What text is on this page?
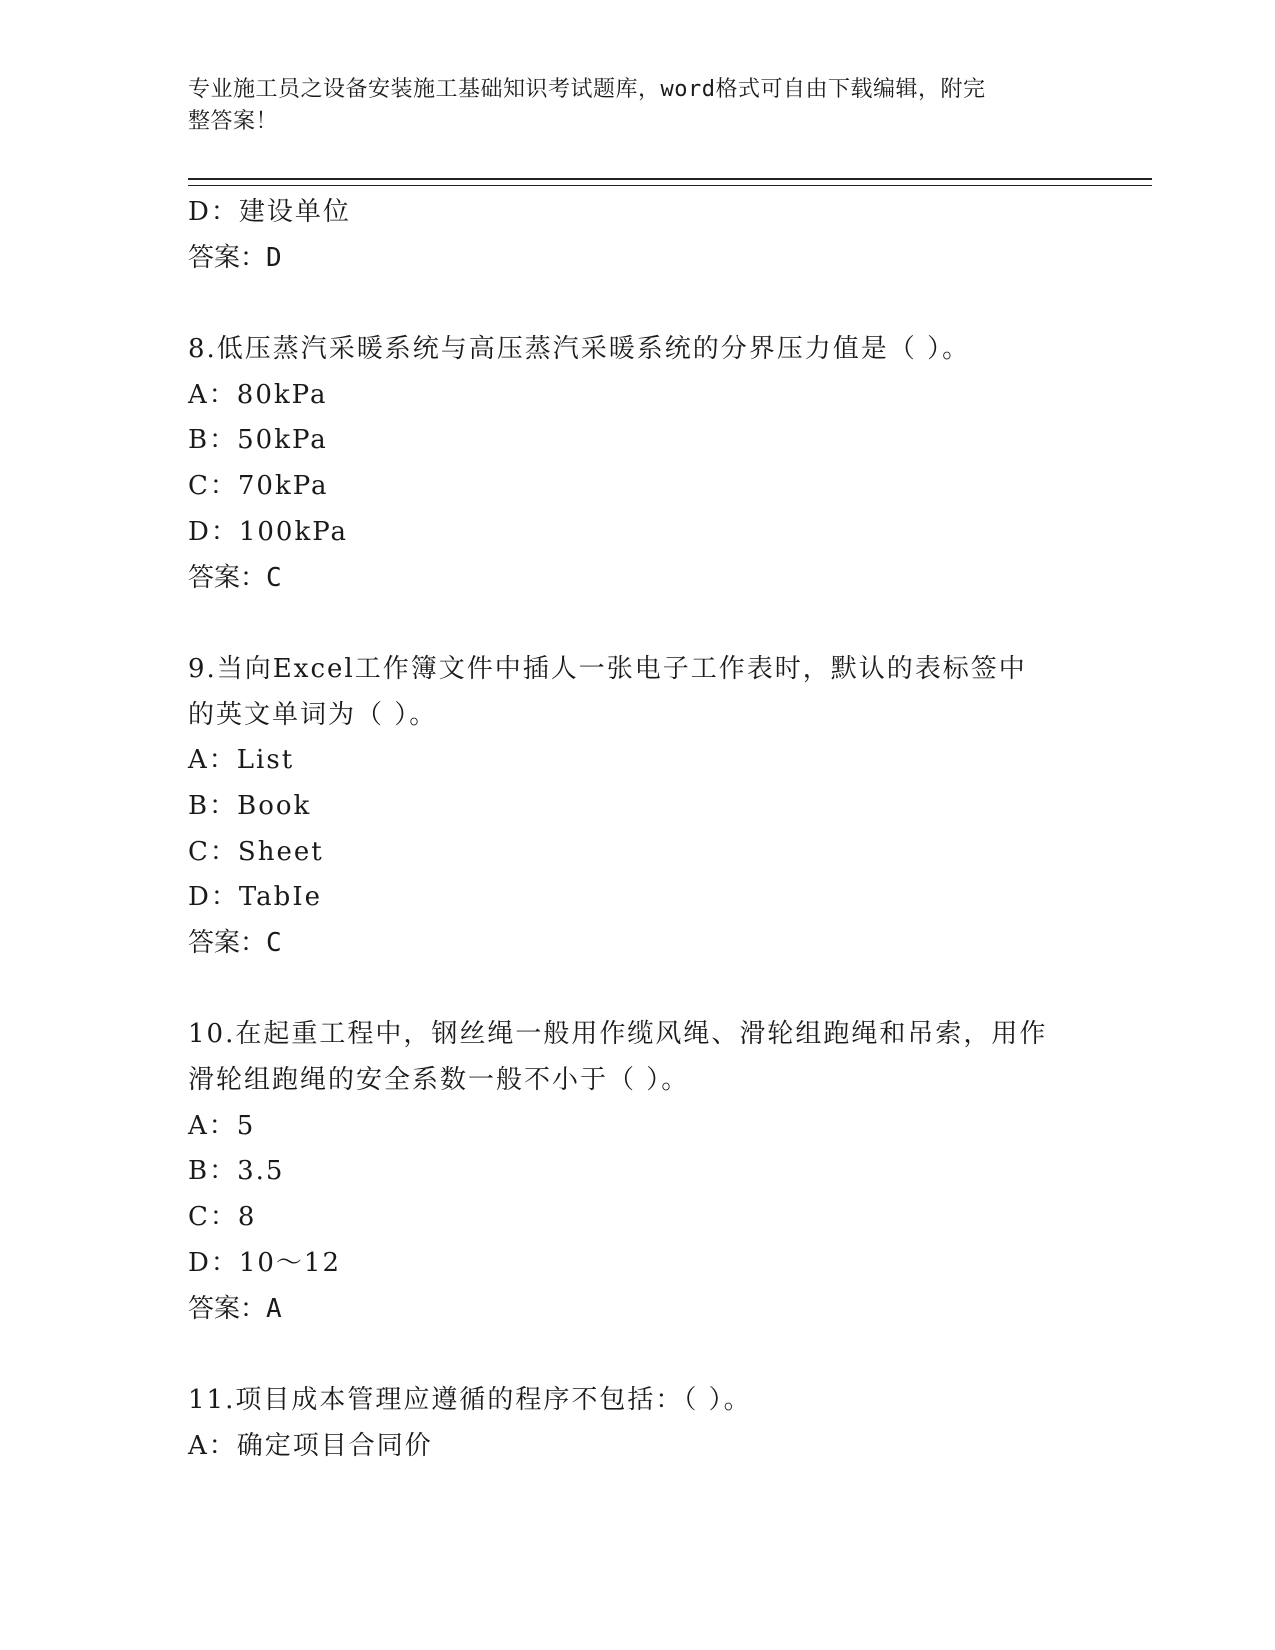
专业施工员之设备安装施工基础知识考试题库，word格式可自由下载编辑，附完
整答案！
D：建设单位
答案：D
8.低压蒸汽采暖系统与高压蒸汽采暖系统的分界压力值是（ ）。
A：80kPa
B：50kPa
C：70kPa
D：100kPa
答案：C
9.当向Excel工作簿文件中插人一张电子工作表时，默认的表标签中
的英文单词为（ ）。
A：List
B：Book
C：Sheet
D：TabIe
答案：C
10.在起重工程中，钢丝绳一般用作缆风绳、滑轮组跑绳和吊索，用作
滑轮组跑绳的安全系数一般不小于（ ）。
A：5
B：3.5
C：8
D：10～12
答案：A
11.项目成本管理应遵循的程序不包括：（ ）。
A：确定项目合同价
